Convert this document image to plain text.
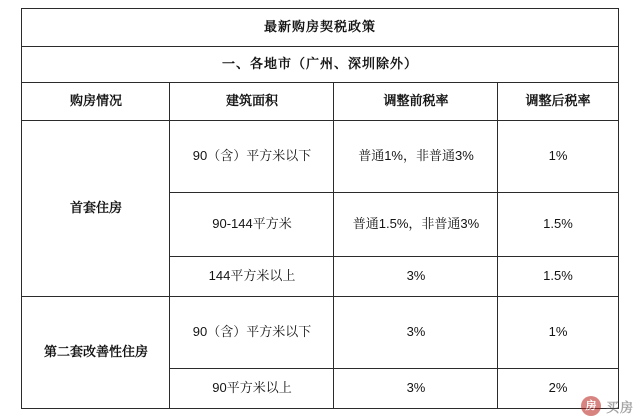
最新购房契税政策			
一、各地市（广州、深圳除外）			
购房情况	建筑面积	调整前税率	调整后税率
首套住房	90（含）平方米以下	普通1%，非普通3%	1%
	90-144平方米	普通1.5%，非普通3%	1.5%
	144平方米以上	3%	1.5%
第二套改善性住房	90（含）平方米以下	3%	1%
	90平方米以上	3%	2%
房 买房
